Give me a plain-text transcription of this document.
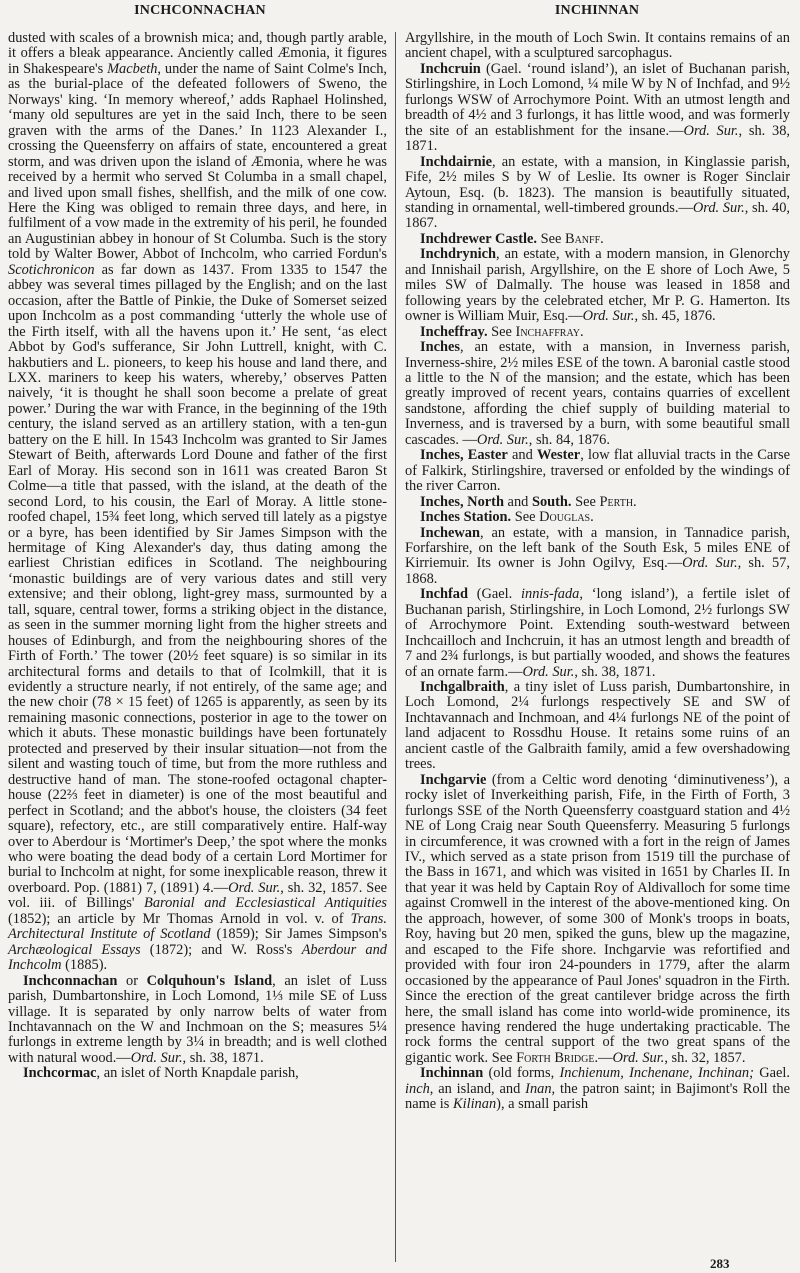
INCHCONNACHAN	INCHINNAN

dusted with scales of a brownish mica; and, though partly arable, it offers a bleak appearance. Anciently called Æmonia, it figures in Shakespeare's Macbeth, under the name of Saint Colme's Inch, as the burial-place of the defeated followers of Sweno, the Norways' king. ‘In memory whereof,’ adds Raphael Holinshed, ‘many old sepultures are yet in the said Inch, there to be seen graven with the arms of the Danes.’ In 1123 Alexander I., crossing the Queensferry on affairs of state, encountered a great storm, and was driven upon the island of Æmonia, where he was received by a hermit who served St Columba in a small chapel, and lived upon small fishes, shellfish, and the milk of one cow. Here the King was obliged to remain three days, and here, in fulfilment of a vow made in the extremity of his peril, he founded an Augustinian abbey in honour of St Columba. Such is the story told by Walter Bower, Abbot of Inchcolm, who carried Fordun's Scotichronicon as far down as 1437. From 1335 to 1547 the abbey was several times pillaged by the English; and on the last occasion, after the Battle of Pinkie, the Duke of Somerset seized upon Inchcolm as a post commanding ‘utterly the whole use of the Firth itself, with all the havens upon it.’ He sent, ‘as elect Abbot by God's sufferance, Sir John Luttrell, knight, with C. hakbutiers and L. pioneers, to keep his house and land there, and LXX. mariners to keep his waters, whereby,’ observes Patten naively, ‘it is thought he shall soon become a prelate of great power.’ During the war with France, in the beginning of the 19th century, the island served as an artillery station, with a ten-gun battery on the E hill. In 1543 Inchcolm was granted to Sir James Stewart of Beith, afterwards Lord Doune and father of the first Earl of Moray. His second son in 1611 was created Baron St Colme—a title that passed, with the island, at the death of the second Lord, to his cousin, the Earl of Moray. A little stone-roofed chapel, 15¾ feet long, which served till lately as a pigstye or a byre, has been identified by Sir James Simpson with the hermitage of King Alexander's day, thus dating among the earliest Christian edifices in Scotland. The neighbouring ‘monastic buildings are of very various dates and still very extensive; and their oblong, light-grey mass, surmounted by a tall, square, central tower, forms a striking object in the distance, as seen in the summer morning light from the higher streets and houses of Edinburgh, and from the neighbouring shores of the Firth of Forth.’ The tower (20½ feet square) is so similar in its architectural forms and details to that of Icolmkill, that it is evidently a structure nearly, if not entirely, of the same age; and the new choir (78 × 15 feet) of 1265 is apparently, as seen by its remaining masonic connections, posterior in age to the tower on which it abuts. These monastic buildings have been fortunately protected and preserved by their insular situation—not from the silent and wasting touch of time, but from the more ruthless and destructive hand of man. The stone-roofed octagonal chapter-house (22⅔ feet in diameter) is one of the most beautiful and perfect in Scotland; and the abbot's house, the cloisters (34 feet square), refectory, etc., are still comparatively entire. Half-way over to Aberdour is ‘Mortimer's Deep,’ the spot where the monks who were boating the dead body of a certain Lord Mortimer for burial to Inchcolm at night, for some inexplicable reason, threw it overboard. Pop. (1881) 7, (1891) 4.—Ord. Sur., sh. 32, 1857. See vol. iii. of Billings' Baronial and Ecclesiastical Antiquities (1852); an article by Mr Thomas Arnold in vol. v. of Trans. Architectural Institute of Scotland (1859); Sir James Simpson's Archæological Essays (1872); and W. Ross's Aberdour and Inchcolm (1885).

Inchconnachan or Colquhoun's Island, an islet of Luss parish, Dumbartonshire, in Loch Lomond, 1⅓ mile SE of Luss village. It is separated by only narrow belts of water from Inchtavannach on the W and Inchmoan on the S; measures 5¼ furlongs in extreme length by 3¼ in breadth; and is well clothed with natural wood.—Ord. Sur., sh. 38, 1871.

Inchcormac, an islet of North Knapdale parish,

Argyllshire, in the mouth of Loch Swin. It contains remains of an ancient chapel, with a sculptured sarcophagus.

Inchcruin (Gael. ‘round island’), an islet of Buchanan parish, Stirlingshire, in Loch Lomond, ¼ mile W by N of Inchfad, and 9½ furlongs WSW of Arrochymore Point. With an utmost length and breadth of 4½ and 3 furlongs, it has little wood, and was formerly the site of an establishment for the insane.—Ord. Sur., sh. 38, 1871.

Inchdairnie, an estate, with a mansion, in Kinglassie parish, Fife, 2½ miles S by W of Leslie. Its owner is Roger Sinclair Aytoun, Esq. (b. 1823). The mansion is beautifully situated, standing in ornamental, well-timbered grounds.—Ord. Sur., sh. 40, 1867.

Inchdrewer Castle. See Banff.

Inchdrynich, an estate, with a modern mansion, in Glenorchy and Innishail parish, Argyllshire, on the E shore of Loch Awe, 5 miles SW of Dalmally. The house was leased in 1858 and following years by the celebrated etcher, Mr P. G. Hamerton. Its owner is William Muir, Esq.—Ord. Sur., sh. 45, 1876.

Incheffray. See Inchaffray.

Inches, an estate, with a mansion, in Inverness parish, Inverness-shire, 2½ miles ESE of the town. A baronial castle stood a little to the N of the mansion; and the estate, which has been greatly improved of recent years, contains quarries of excellent sandstone, affording the chief supply of building material to Inverness, and is traversed by a burn, with some beautiful small cascades. —Ord. Sur., sh. 84, 1876.

Inches, Easter and Wester, low flat alluvial tracts in the Carse of Falkirk, Stirlingshire, traversed or enfolded by the windings of the river Carron.

Inches, North and South. See Perth.

Inches Station. See Douglas.

Inchewan, an estate, with a mansion, in Tannadice parish, Forfarshire, on the left bank of the South Esk, 5 miles ENE of Kirriemuir. Its owner is John Ogilvy, Esq.—Ord. Sur., sh. 57, 1868.

Inchfad (Gael. innis-fada, ‘long island’), a fertile islet of Buchanan parish, Stirlingshire, in Loch Lomond, 2½ furlongs SW of Arrochymore Point. Extending south-westward between Inchcailloch and Inchcruin, it has an utmost length and breadth of 7 and 2¾ furlongs, is but partially wooded, and shows the features of an ornate farm.—Ord. Sur., sh. 38, 1871.

Inchgalbraith, a tiny islet of Luss parish, Dumbartonshire, in Loch Lomond, 2¼ furlongs respectively SE and SW of Inchtavannach and Inchmoan, and 4¼ furlongs NE of the point of land adjacent to Rossdhu House. It retains some ruins of an ancient castle of the Galbraith family, amid a few overshadowing trees.

Inchgarvie (from a Celtic word denoting ‘diminutiveness’), a rocky islet of Inverkeithing parish, Fife, in the Firth of Forth, 3 furlongs SSE of the North Queensferry coastguard station and 4½ NE of Long Craig near South Queensferry. Measuring 5 furlongs in circumference, it was crowned with a fort in the reign of James IV., which served as a state prison from 1519 till the purchase of the Bass in 1671, and which was visited in 1651 by Charles II. In that year it was held by Captain Roy of Aldivalloch for some time against Cromwell in the interest of the above-mentioned king. On the approach, however, of some 300 of Monk's troops in boats, Roy, having but 20 men, spiked the guns, blew up the magazine, and escaped to the Fife shore. Inchgarvie was refortified and provided with four iron 24-pounders in 1779, after the alarm occasioned by the appearance of Paul Jones' squadron in the Firth. Since the erection of the great cantilever bridge across the firth here, the small island has come into world-wide prominence, its presence having rendered the huge undertaking practicable. The rock forms the central support of the two great spans of the gigantic work. See Forth Bridge.—Ord. Sur., sh. 32, 1857.

Inchinnan (old forms, Inchienum, Inchenane, Inchinan; Gael. inch, an island, and Inan, the patron saint; in Bajimont's Roll the name is Kilinan), a small parish

283
